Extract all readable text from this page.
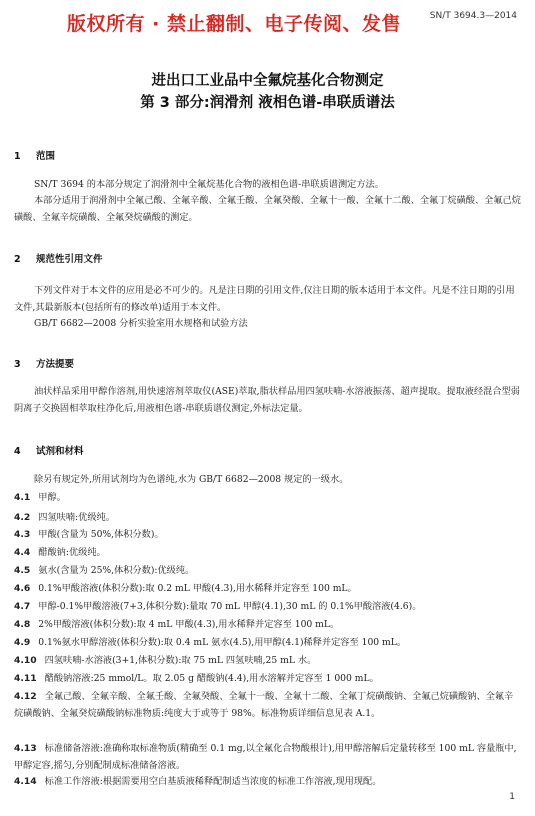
版权所有 · 禁止翻制、电子传阅、发售	SN/T 3694.3—2014
进出口工业品中全氟烷基化合物测定
第 3 部分:润滑剂 液相色谱-串联质谱法
1 范围
SN/T 3694 的本部分规定了润滑剂中全氟烷基化合物的液相色谱-串联质谱测定方法。
本部分适用于润滑剂中全氟己酸、全氟辛酸、全氟壬酸、全氟癸酸、全氟十一酸、全氟十二酸、全氟丁烷磺酸、全氟己烷磺酸、全氟辛烷磺酸、全氟癸烷磺酸的测定。
2 规范性引用文件
下列文件对于本文件的应用是必不可少的。凡是注日期的引用文件,仅注日期的版本适用于本文件。凡是不注日期的引用文件,其最新版本(包括所有的修改单)适用于本文件。
GB/T 6682—2008 分析实验室用水规格和试验方法
3 方法提要
油状样品采用甲醇作溶剂,用快速溶剂萃取仪(ASE)萃取,脂状样品用四氢呋喃-水溶液振荡、超声提取。提取液经混合型弱阴离子交换固相萃取柱净化后,用液相色谱-串联质谱仪测定,外标法定量。
4 试剂和材料
除另有规定外,所用试剂均为色谱纯,水为 GB/T 6682—2008 规定的一级水。
4.1 甲醇。
4.2 四氢呋喃:优级纯。
4.3 甲酸(含量为 50%,体积分数)。
4.4 醋酸钠:优级纯。
4.5 氨水(含量为 25%,体积分数):优级纯。
4.6 0.1%甲酸溶液(体积分数):取 0.2 mL 甲酸(4.3),用水稀释并定容至 100 mL。
4.7 甲醇-0.1%甲酸溶液(7+3,体积分数):量取 70 mL 甲醇(4.1),30 mL 的 0.1%甲酸溶液(4.6)。
4.8 2%甲酸溶液(体积分数):取 4 mL 甲酸(4.3),用水稀释并定容至 100 mL。
4.9 0.1%氨水甲醇溶液(体积分数):取 0.4 mL 氨水(4.5),用甲醇(4.1)稀释并定容至 100 mL。
4.10 四氢呋喃-水溶液(3+1,体积分数):取 75 mL 四氢呋喃,25 mL 水。
4.11 醋酸钠溶液:25 mmol/L。取 2.05 g 醋酸钠(4.4),用水溶解并定容至 1 000 mL。
4.12 全氟己酸、全氟辛酸、全氟壬酸、全氟癸酸、全氟十一酸、全氟十二酸、全氟丁烷磺酸钠、全氟己烷磺酸钠、全氟辛烷磺酸钠、全氟癸烷磺酸钠标准物质:纯度大于或等于 98%。标准物质详细信息见表 A.1。
4.13 标准储备溶液:准确称取标准物质(精确至 0.1 mg,以全氟化合物酸根计),用甲醇溶解后定量转移至 100 mL 容量瓶中,甲醇定容,摇匀,分别配制成标准储备溶液。
4.14 标准工作溶液:根据需要用空白基质液稀释配制适当浓度的标准工作溶液,现用现配。
1
